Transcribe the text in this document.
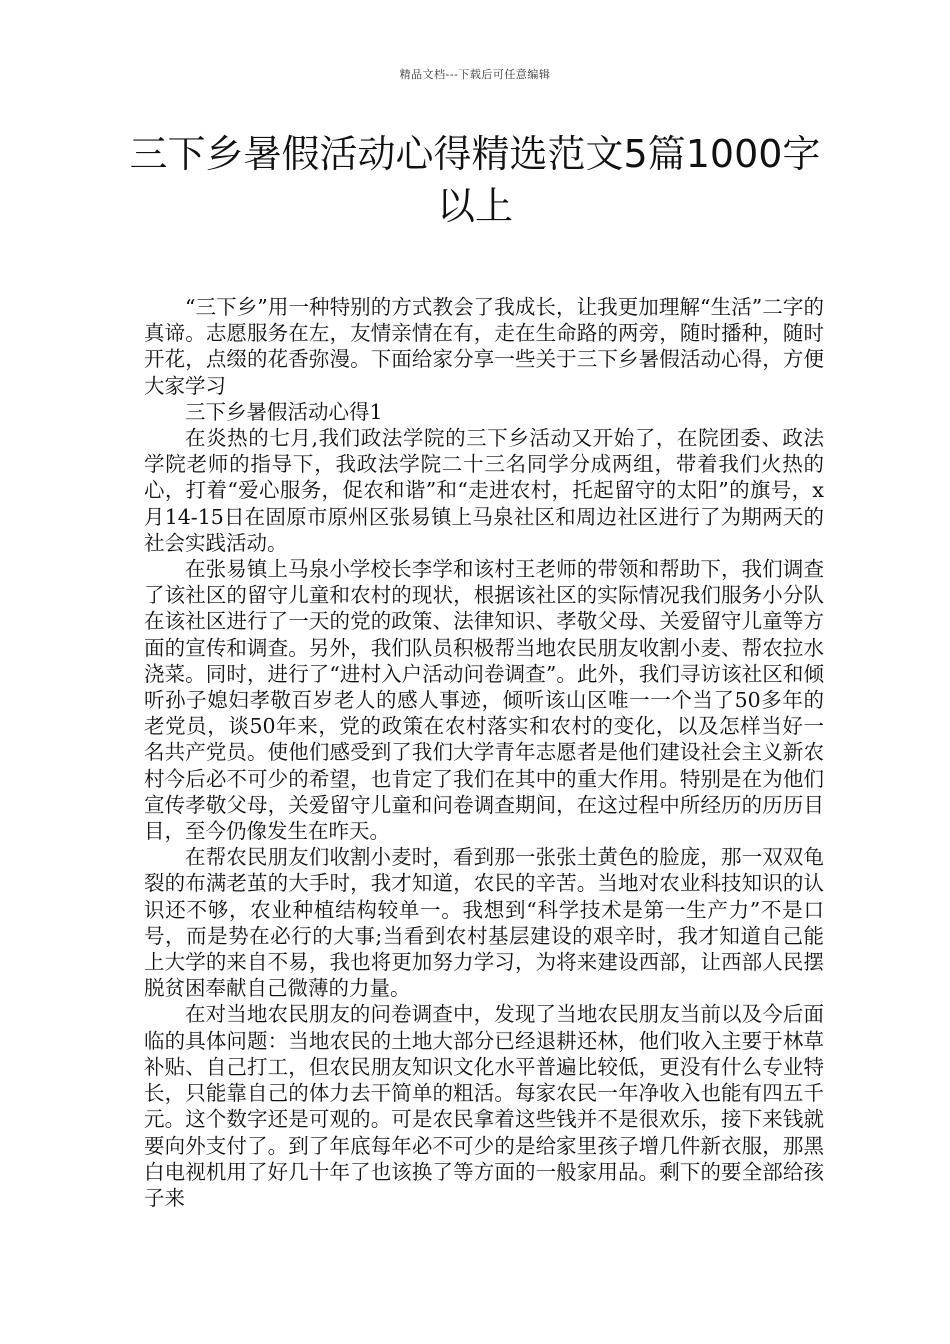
精品文档---下载后可任意编辑
三下乡暑假活动心得精选范文5篇1000字以上

“三下乡”用一种特别的方式教会了我成长，让我更加理解“生活”二字的真谛。志愿服务在左，友情亲情在有，走在生命路的两旁，随时播种，随时开花，点缀的花香弥漫。下面给家分享一些关于三下乡暑假活动心得，方便大家学习

三下乡暑假活动心得1

在炎热的七月,我们政法学院的三下乡活动又开始了，在院团委、政法学院老师的指导下，我政法学院二十三名同学分成两组，带着我们火热的心，打着“爱心服务，促农和谐”和“走进农村，托起留守的太阳”的旗号，x月14-15日在固原市原州区张易镇上马泉社区和周边社区进行了为期两天的社会实践活动。

在张易镇上马泉小学校长李学和该村王老师的带领和帮助下，我们调查了该社区的留守儿童和农村的现状，根据该社区的实际情况我们服务小分队在该社区进行了一天的党的政策、法律知识、孝敬父母、关爱留守儿童等方面的宣传和调查。另外，我们队员积极帮当地农民朋友收割小麦、帮农拉水浇菜。同时，进行了“进村入户活动问卷调查”。此外，我们寻访该社区和倾听孙子媳妇孝敬百岁老人的感人事迹，倾听该山区唯一一个当了50多年的老党员，谈50年来，党的政策在农村落实和农村的变化，以及怎样当好一名共产党员。使他们感受到了我们大学青年志愿者是他们建设社会主义新农村今后必不可少的希望，也肯定了我们在其中的重大作用。特别是在为他们宣传孝敬父母，关爱留守儿童和问卷调查期间，在这过程中所经历的历历目目，至今仍像发生在昨天。

在帮农民朋友们收割小麦时，看到那一张张土黄色的脸庞，那一双双龟裂的布满老茧的大手时，我才知道，农民的辛苦。当地对农业科技知识的认识还不够，农业种植结构较单一。我想到“科学技术是第一生产力”不是口号，而是势在必行的大事;当看到农村基层建设的艰辛时，我才知道自己能上大学的来自不易，我也将更加努力学习，为将来建设西部，让西部人民摆脱贫困奉献自己微薄的力量。

在对当地农民朋友的问卷调查中，发现了当地农民朋友当前以及今后面临的具体问题：当地农民的土地大部分已经退耕还林，他们收入主要于林草补贴、自己打工，但农民朋友知识文化水平普遍比较低，更没有什么专业特长，只能靠自己的体力去干简单的粗活。每家农民一年净收入也能有四五千元。这个数字还是可观的。可是农民拿着这些钱并不是很欢乐，接下来钱就要向外支付了。到了年底每年必不可少的是给家里孩子增几件新衣服，那黑白电视机用了好几十年了也该换了等方面的一般家用品。剩下的要全部给孩子来
